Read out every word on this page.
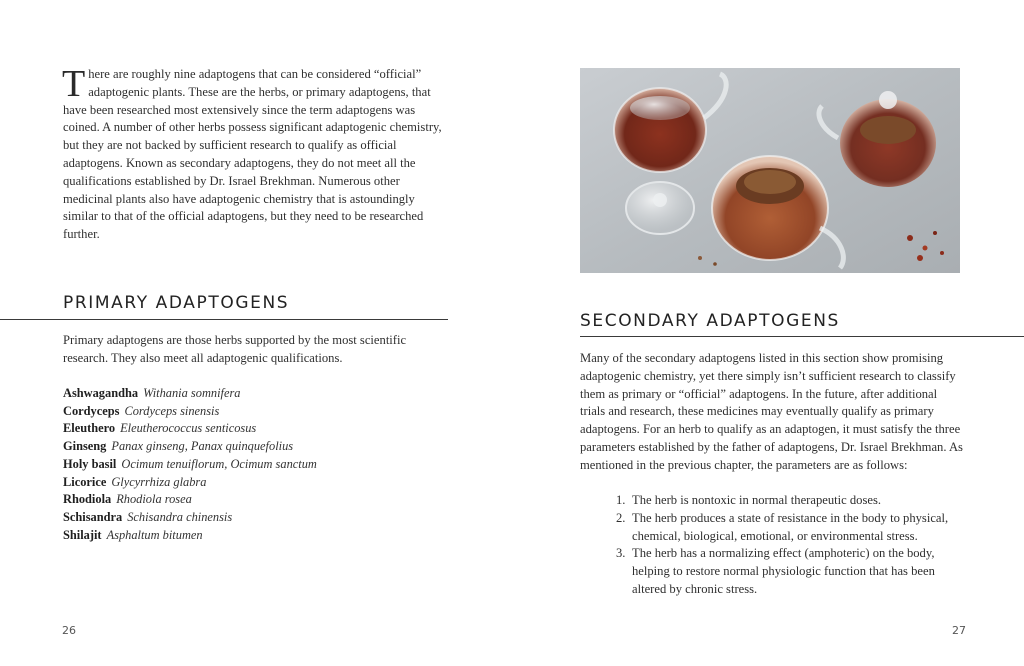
There are roughly nine adaptogens that can be considered “official” adaptogenic plants. These are the herbs, or primary adaptogens, that have been researched most extensively since the term adaptogens was coined. A number of other herbs possess significant adaptogenic chemistry, but they are not backed by sufficient research to qualify as official adaptogens. Known as secondary adaptogens, they do not meet all the qualifications established by Dr. Israel Brekhman. Numerous other medicinal plants also have adaptogenic chemistry that is astoundingly similar to that of the official adaptogens, but they need to be researched further.

PRIMARY ADAPTOGENS

Primary adaptogens are those herbs supported by the most scientific research. They also meet all adaptogenic qualifications.

Ashwagandha Withania somnifera
Cordyceps Cordyceps sinensis
Eleuthero Eleutherococcus senticosus
Ginseng Panax ginseng, Panax quinquefolius
Holy basil Ocimum tenuiflorum, Ocimum sanctum
Licorice Glycyrrhiza glabra
Rhodiola Rhodiola rosea
Schisandra Schisandra chinensis
Shilajit Asphaltum bitumen
26
SECONDARY ADAPTOGENS

Many of the secondary adaptogens listed in this section show promising adaptogenic chemistry, yet there simply isn’t sufficient research to classify them as primary or “official” adaptogens. In the future, after additional trials and research, these medicines may eventually qualify as primary adaptogens. For an herb to qualify as an adaptogen, it must satisfy the three parameters established by the father of adaptogens, Dr. Israel Brekhman. As mentioned in the previous chapter, the parameters are as follows:

1. The herb is nontoxic in normal therapeutic doses.
2. The herb produces a state of resistance in the body to physical, chemical, biological, emotional, or environmental stress.
3. The herb has a normalizing effect (amphoteric) on the body, helping to restore normal physiologic function that has been altered by chronic stress.
27
